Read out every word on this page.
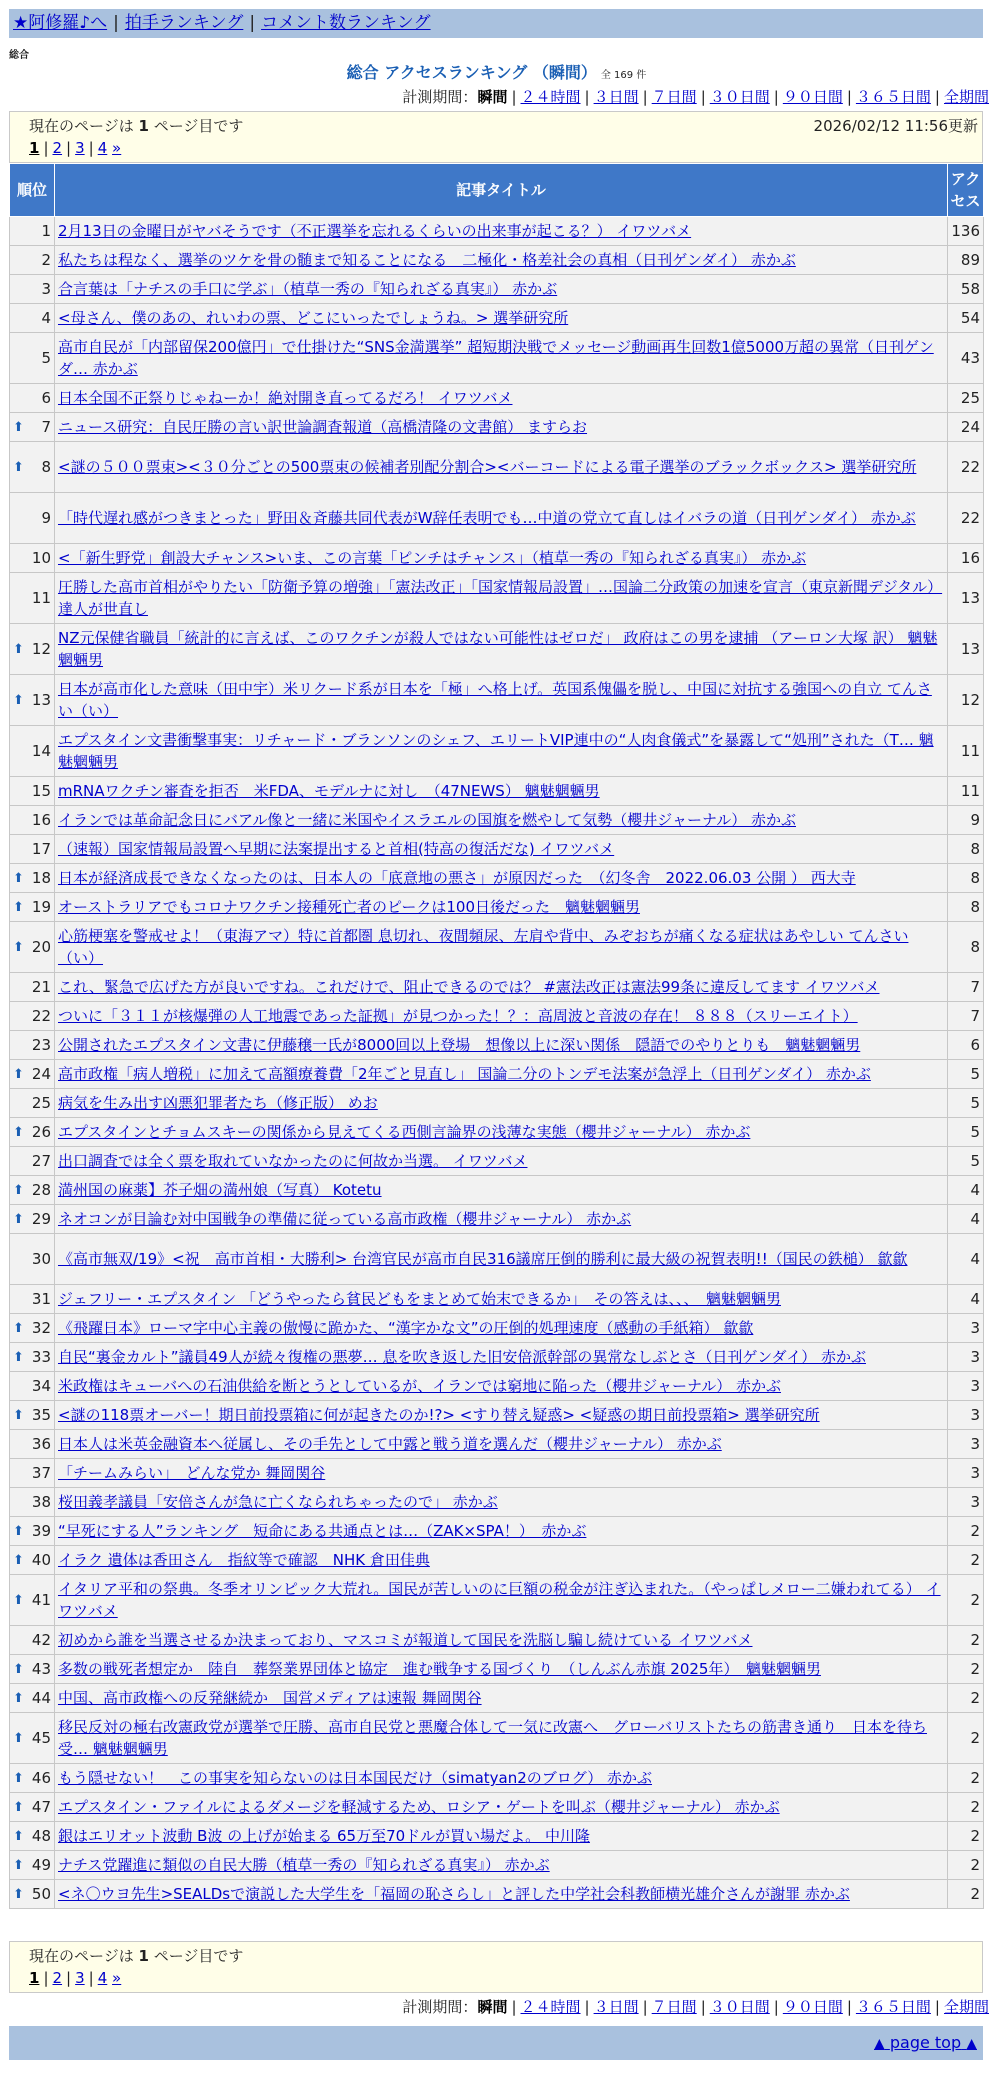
★阿修羅♪へ | 拍手ランキング | コメント数ランキング
総合
総合 アクセスランキング （瞬間） 全 169 件
計測期間：瞬間 | ２４時間 | ３日間 | ７日間 | ３０日間 | ９０日間 | ３６５日間 | 全期間
現在のページは 1 ページ目です	2026/02/12 11:56更新
1 | 2 | 3 | 4 »
順位	記事タイトル	アクセス
1	2月13日の金曜日がヤバそうです（不正選挙を忘れるくらいの出来事が起こる？） イワツバメ	136
2	私たちは程なく、選挙のツケを骨の髄まで知ることになる　二極化・格差社会の真相（日刊ゲンダイ） 赤かぶ	89
3	合言葉は「ナチスの手口に学ぶ」（植草一秀の『知られざる真実』） 赤かぶ	58
4	<母さん、僕のあの、れいわの票、どこにいったでしょうね。> 選挙研究所	54
5	高市自民が「内部留保200億円」で仕掛けた“SNS金満選挙” 超短期決戦でメッセージ動画再生回数1億5000万超の異常（日刊ゲンダ… 赤かぶ	43
6	日本全国不正祭りじゃねーか！絶対開き直ってるだろ！ イワツバメ	25

⬆ 7	ニュース研究：自民圧勝の言い訳世論調査報道（高橋清隆の文書館） ますらお	24

⬆ 8	<謎の５００票束><３０分ごとの500票束の候補者別配分割合><バーコードによる電子選挙のブラックボックス> 選挙研究所	22
9	「時代遅れ感がつきまとった」野田＆斉藤共同代表がW辞任表明でも…中道の党立て直しはイバラの道（日刊ゲンダイ） 赤かぶ	22
10	<「新生野党」創設大チャンス>いま、この言葉「ピンチはチャンス」（植草一秀の『知られざる真実』） 赤かぶ	16
11	圧勝した高市首相がやりたい「防衛予算の増強」「憲法改正」「国家情報局設置」…国論二分政策の加速を宣言（東京新聞デジタル） 達人が世直し	13

⬆ 12	NZ元保健省職員「統計的に言えば、このワクチンが殺人ではない可能性はゼロだ」 政府はこの男を逮捕 （アーロン大塚 訳） 魑魅魍魎男	13

⬆ 13	日本が高市化した意味（田中宇）米リクード系が日本を「極」へ格上げ。英国系傀儡を脱し、中国に対抗する強国への自立 てんさい（い）	12
14	エプスタイン文書衝撃事実：リチャード・ブランソンのシェフ、エリートVIP連中の“人肉食儀式”を暴露して“処刑”された（T… 魑魅魍魎男	11
15	mRNAワクチン審査を拒否　米FDA、モデルナに対し　（47NEWS） 魑魅魍魎男	11
16	イランでは革命記念日にバアル像と一緒に米国やイスラエルの国旗を燃やして気勢（櫻井ジャーナル） 赤かぶ	9
17	（速報）国家情報局設置へ早期に法案提出すると首相(特高の復活だな) イワツバメ	8

⬆ 18	日本が経済成長できなくなったのは、日本人の「底意地の悪さ」が原因だった　（幻冬舎　2022.06.03 公開 ） 西大寺	8

⬆ 19	オーストラリアでもコロナワクチン接種死亡者のピークは100日後だった　魑魅魍魎男	8

⬆ 20	心筋梗塞を警戒せよ！（東海アマ）特に首都圏 息切れ、夜間頻尿、左肩や背中、みぞおちが痛くなる症状はあやしい てんさい（い）	8
21	これ、緊急で広げた方が良いですね。これだけで、阻止できるのでは？ #憲法改正は憲法99条に違反してます イワツバメ	7
22	ついに「３１１が核爆弾の人工地震であった証拠」が見つかった！？：高周波と音波の存在！ ８８８（スリーエイト）	7
23	公開されたエプスタイン文書に伊藤穣一氏が8000回以上登場　想像以上に深い関係　隠語でのやりとりも　魑魅魍魎男	6

⬆ 24	高市政権「病人増税」に加えて高額療養費「2年ごと見直し」 国論二分のトンデモ法案が急浮上（日刊ゲンダイ） 赤かぶ	5
25	病気を生み出す凶悪犯罪者たち（修正版） めお	5

⬆ 26	エプスタインとチョムスキーの関係から見えてくる西側言論界の浅薄な実態（櫻井ジャーナル） 赤かぶ	5
27	出口調査では全く票を取れていなかったのに何故か当選。 イワツバメ	5

⬆ 28	満州国の麻薬】芥子畑の満州娘（写真） Kotetu	4

⬆ 29	ネオコンが目論む対中国戦争の準備に従っている高市政権（櫻井ジャーナル） 赤かぶ	4
30	《高市無双/19》<祝　高市首相・大勝利> 台湾官民が高市自民316議席圧倒的勝利に最大級の祝賀表明!!（国民の鉄槌） 歙歙	4
31	ジェフリー・エプスタイン 「どうやったら貧民どもをまとめて始末できるか」　その答えは、、、　魑魅魍魎男	4

⬆ 32	《飛躍日本》ローマ字中心主義の傲慢に跪かた、“漢字かな文”の圧倒的処理速度（感動の手紙箱） 歙歙	3

⬆ 33	自民“裏金カルト”議員49人が続々復権の悪夢… 息を吹き返した旧安倍派幹部の異常なしぶとさ（日刊ゲンダイ） 赤かぶ	3
34	米政権はキューバへの石油供給を断とうとしているが、イランでは窮地に陥った（櫻井ジャーナル） 赤かぶ	3

⬆ 35	<謎の118票オーバー！期日前投票箱に何が起きたのか!?> <すり替え疑惑> <疑惑の期日前投票箱> 選挙研究所	3
36	日本人は米英金融資本へ従属し、その手先として中露と戦う道を選んだ（櫻井ジャーナル） 赤かぶ	3
37	「チームみらい」　どんな党か 舞岡関谷	3
38	桜田義孝議員「安倍さんが急に亡くなられちゃったので」 赤かぶ	3

⬆ 39	“早死にする人”ランキング　短命にある共通点とは…（ZAK×SPA！）　赤かぶ	2

⬆ 40	イラク 遺体は香田さん　指紋等で確認　NHK 倉田佳典	2

⬆ 41	イタリア平和の祭典。冬季オリンピック大荒れ。国民が苦しいのに巨額の税金が注ぎ込まれた。（やっぱしメロー二嫌われてる） イワツバメ	2
42	初めから誰を当選させるか決まっており、マスコミが報道して国民を洗脳し騙し続けている イワツバメ	2

⬆ 43	多数の戦死者想定か　陸自　葬祭業界団体と協定　進む戦争する国づくり　（しんぶん赤旗 2025年）　魑魅魍魎男	2

⬆ 44	中国、高市政権への反発継続か　国営メディアは速報 舞岡関谷	2

⬆ 45	移民反対の極右改憲政党が選挙で圧勝、高市自民党と悪魔合体して一気に改憲へ　グローバリストたちの筋書き通り　日本を待ち受… 魑魅魍魎男	2

⬆ 46	もう隠せない！　この事実を知らないのは日本国民だけ（simatyan2のブログ） 赤かぶ	2

⬆ 47	エプスタイン・ファイルによるダメージを軽減するため、ロシア・ゲートを叫ぶ（櫻井ジャーナル） 赤かぶ	2

⬆ 48	銀はエリオット波動 B波 の上げが始まる 65万至70ドルが買い場だよ。 中川隆	2

⬆ 49	ナチス党躍進に類似の自民大勝（植草一秀の『知られざる真実』） 赤かぶ	2

⬆ 50	<ネ〇ウヨ先生>SEALDsで演説した大学生を「福岡の恥さらし」と評した中学社会科教師横光雄介さんが謝罪 赤かぶ	2
現在のページは 1 ページ目です
1 | 2 | 3 | 4 »
計測期間：瞬間 | ２４時間 | ３日間 | ７日間 | ３０日間 | ９０日間 | ３６５日間 | 全期間
▲ page top ▲
